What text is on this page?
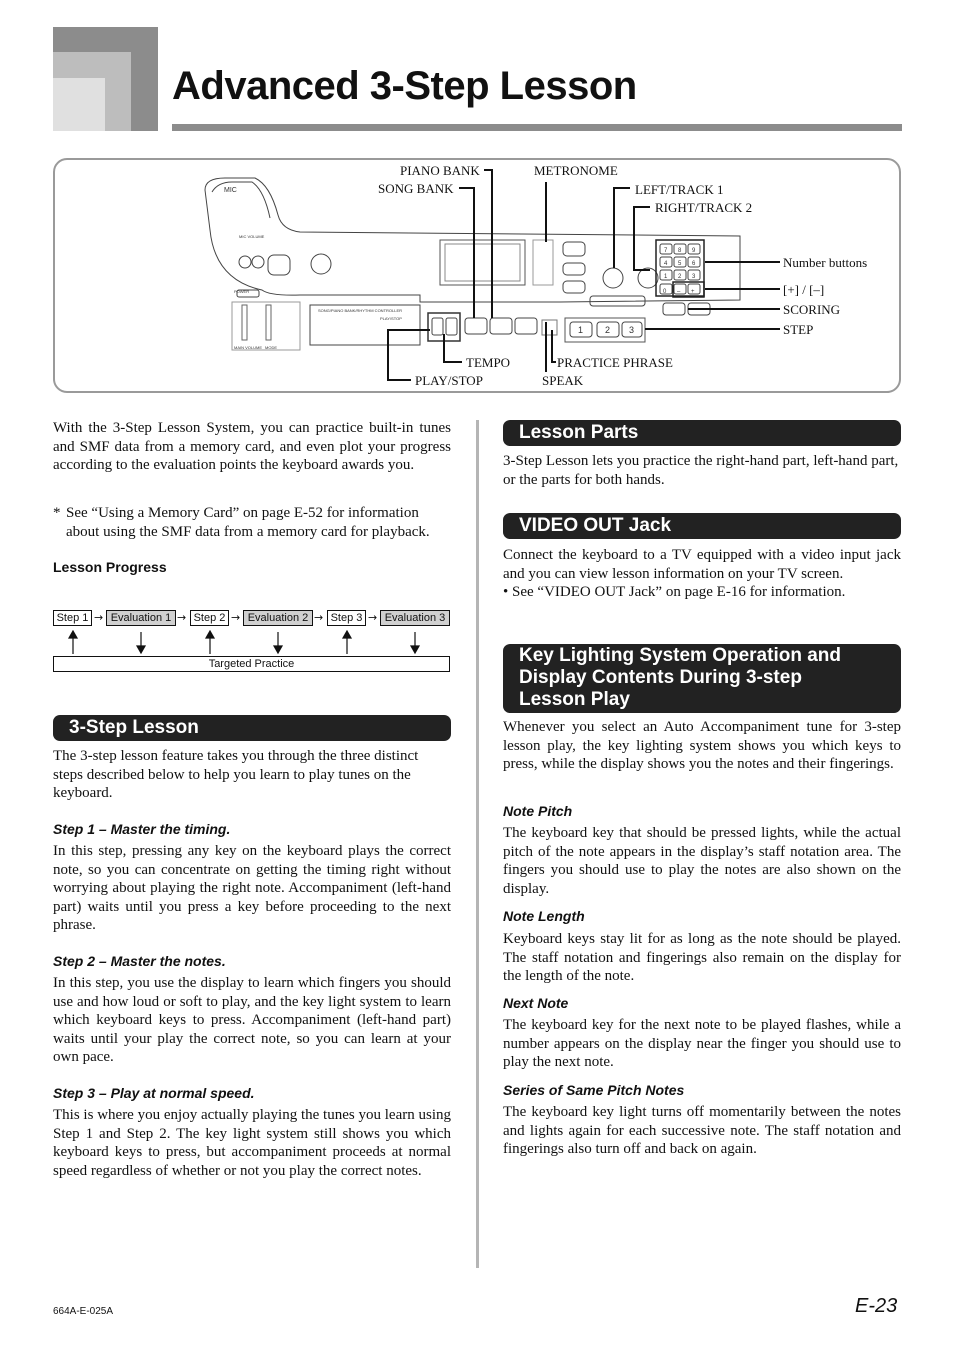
Advanced 3-Step Lesson
MIC
MIC VOLUME
POWER
MAIN VOLUME MODE
SONG/PIANO BANK/RHYTHM CONTROLLER
PLAY/STOP
0 – +
7 8 9
4 5 6
1 2 3
1 2 3
PIANO BANK
SONG BANK
METRONOME
LEFT/TRACK 1
RIGHT/TRACK 2
Number buttons
[+] / [–]
SCORING
STEP
TEMPO	PRACTICE PHRASE
PLAY/STOP	SPEAK
With the 3-Step Lesson System, you can practice built-in tunes and SMF data from a memory card, and even plot your progress according to the evaluation points the keyboard awards you.
* See “Using a Memory Card” on page E-52 for information about using the SMF data from a memory card for playback.
Lesson Progress
Step 1 → Evaluation 1 → Step 2 → Evaluation 2 → Step 3 → Evaluation 3
Targeted Practice
3-Step Lesson
The 3-step lesson feature takes you through the three distinct steps described below to help you learn to play tunes on the keyboard.
Step 1 – Master the timing.
In this step, pressing any key on the keyboard plays the correct note, so you can concentrate on getting the timing right without worrying about playing the right note. Accompaniment (left-hand part) waits until you press a key before proceeding to the next phrase.
Step 2 – Master the notes.
In this step, you use the display to learn which fingers you should use and how loud or soft to play, and the key light system to learn which keyboard keys to press. Accompaniment (left-hand part) waits until your play the correct note, so you can learn at your own pace.
Step 3 – Play at normal speed.
This is where you enjoy actually playing the tunes you learn using Step 1 and Step 2. The key light system still shows you which keyboard keys to press, but accompaniment proceeds at normal speed regardless of whether or not you play the correct notes.
Lesson Parts
3-Step Lesson lets you practice the right-hand part, left-hand part, or the parts for both hands.
VIDEO OUT Jack
Connect the keyboard to a TV equipped with a video input jack and you can view lesson information on your TV screen.
• See “VIDEO OUT Jack” on page E-16 for information.
Key Lighting System Operation and
Display Contents During 3-step
Lesson Play
Whenever you select an Auto Accompaniment tune for 3-step lesson play, the key lighting system shows you which keys to press, while the display shows you the notes and their fingerings.
Note Pitch
The keyboard key that should be pressed lights, while the actual pitch of the note appears in the display’s staff notation area. The fingers you should use to play the notes are also shown on the display.
Note Length
Keyboard keys stay lit for as long as the note should be played. The staff notation and fingerings also remain on the display for the length of the note.
Next Note
The keyboard key for the next note to be played flashes, while a number appears on the display near the finger you should use to play the next note.
Series of Same Pitch Notes
The keyboard key light turns off momentarily between the notes and lights again for each successive note. The staff notation and fingerings also turn off and back on again.
664A-E-025A	E-23
